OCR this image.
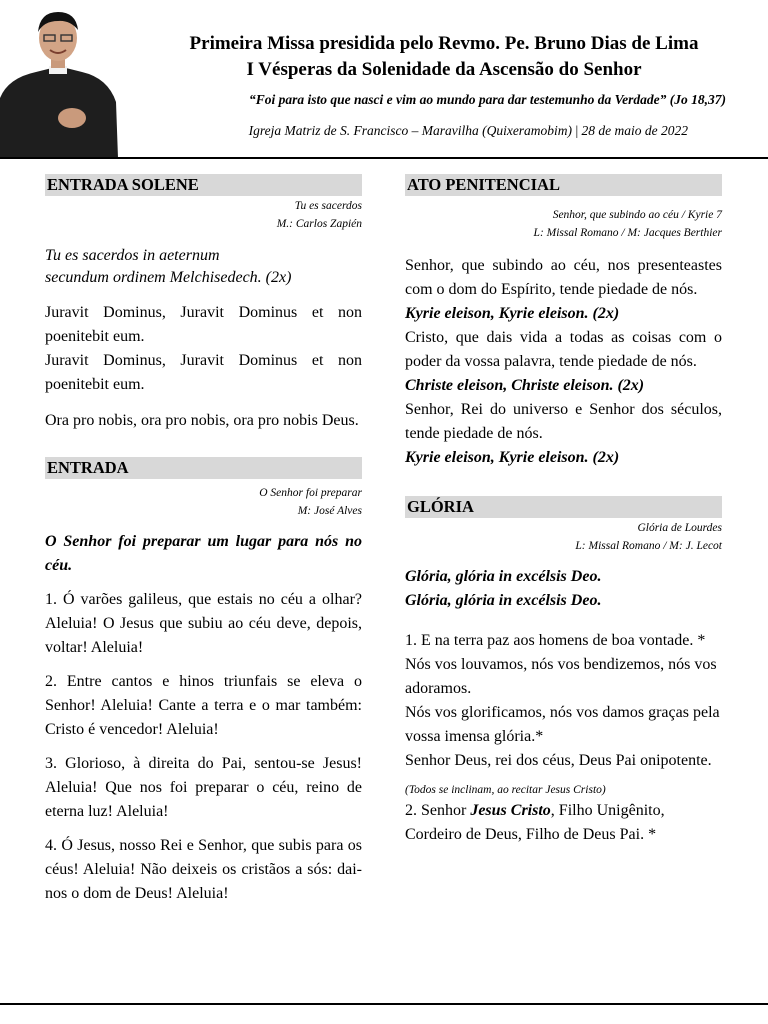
Primeira Missa presidida pelo Revmo. Pe. Bruno Dias de Lima
I Vésperas da Solenidade da Ascensão do Senhor
“Foi para isto que nasci e vim ao mundo para dar testemunho da Verdade” (Jo 18,37)
Igreja Matriz de S. Francisco – Maravilha (Quixeramobim) | 28 de maio de 2022
ENTRADA SOLENE
Tu es sacerdos
M.: Carlos Zapién

Tu es sacerdos in aeternum

secundum ordinem Melchisedech. (2x)

Juravit Dominus, Juravit Dominus et non poenitebit eum.

Juravit Dominus, Juravit Dominus et non poenitebit eum.

Ora pro nobis, ora pro nobis, ora pro nobis Deus.

ENTRADA
O Senhor foi preparar
M: José Alves

O Senhor foi preparar um lugar para nós no céu.

1. Ó varões galileus, que estais no céu a olhar? Aleluia! O Jesus que subiu ao céu deve, depois, voltar! Aleluia!

2. Entre cantos e hinos triunfais se eleva o Senhor! Aleluia! Cante a terra e o mar também: Cristo é vencedor! Aleluia!

3. Glorioso, à direita do Pai, sentou-se Jesus! Aleluia! Que nos foi preparar o céu, reino de eterna luz! Aleluia!

4. Ó Jesus, nosso Rei e Senhor, que subis para os céus! Aleluia! Não deixeis os cristãos a sós: dai-nos o dom de Deus! Aleluia!

ATO PENITENCIAL
Senhor, que subindo ao céu / Kyrie 7
L: Missal Romano / M: Jacques Berthier

Senhor, que subindo ao céu, nos presenteastes com o dom do Espírito, tende piedade de nós.

Kyrie eleison, Kyrie eleison. (2x)

Cristo, que dais vida a todas as coisas com o poder da vossa palavra, tende piedade de nós.

Christe eleison, Christe eleison. (2x)

Senhor, Rei do universo e Senhor dos séculos, tende piedade de nós.

Kyrie eleison, Kyrie eleison. (2x)

GLÓRIA
Glória de Lourdes
L: Missal Romano / M: J. Lecot

Glória, glória in excélsis Deo.

Glória, glória in excélsis Deo.

1. E na terra paz aos homens de boa vontade. *

Nós vos louvamos, nós vos bendizemos, nós vos adoramos.

Nós vos glorificamos, nós vos damos graças pela vossa imensa glória.*

Senhor Deus, rei dos céus, Deus Pai onipotente.

(Todos se inclinam, ao recitar Jesus Cristo)

2. Senhor Jesus Cristo, Filho Unigênito, Cordeiro de Deus, Filho de Deus Pai. *
